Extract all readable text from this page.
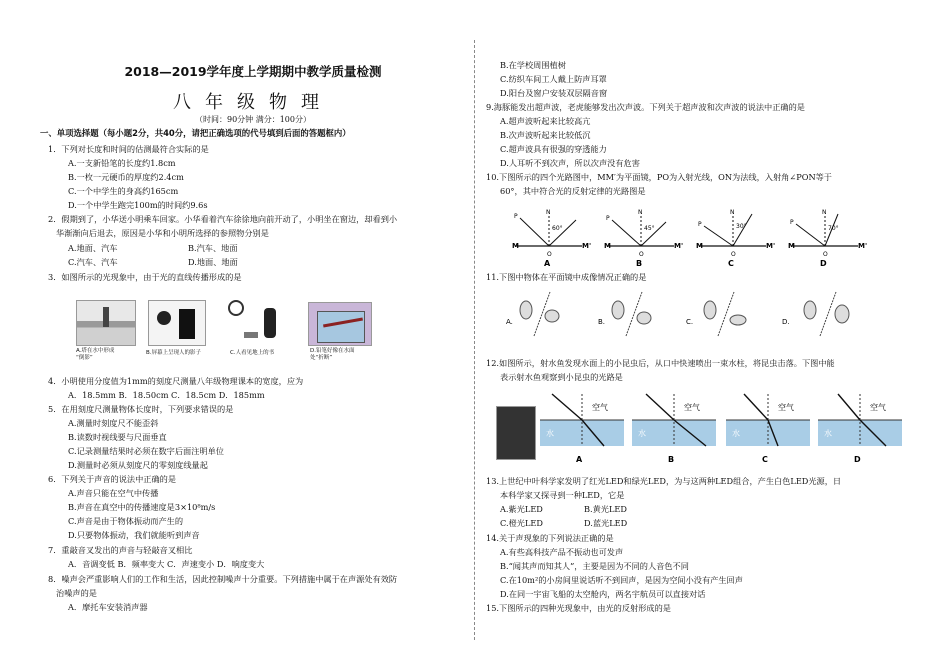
2018—2019学年度上学期期中教学质量检测
八年级物理
（时间：90分钟 满分：100分）
一、单项选择题（每小题2分，共40分，请把正确选项的代号填到后面的答题框内）
1．下列对长度和时间的估测最符合实际的是
A.一支新铅笔的长度约1.8cm
B.一枚一元硬币的厚度约2.4cm
C.一个中学生的身高约165cm
D.一个中学生跑完100m的时间约9.6s
2．假期到了，小华送小明乘车回家。小华看着汽车徐徐地向前开动了，小明坐在窗边，却看到小
华渐渐向后退去，原因是小华和小明所选择的参照物分别是
A.地面、汽车	B.汽车、地面
C.汽车、汽车	D.地面、地面
3．如图所示的光现象中，由于光的直线传播形成的是
A.塔在水中形成
“倒影”
B.屏幕上呈现人的影子	C.人看见地上的书	D.铅笔好像在水面
处“折断”
4．小明使用分度值为1mm的刻度尺测量八年级物理课本的宽度，应为
A．18.5mm B．18.50cm C．18.5cm D．185mm
5．在用刻度尺测量物体长度时，下列要求错误的是
A.测量时刻度尺不能歪斜
B.读数时视线要与尺面垂直
C.记录测量结果时必须在数字后面注明单位
D.测量时必须从刻度尺的零刻度线量起
6．下列关于声音的说法中正确的是
A.声音只能在空气中传播
B.声音在真空中的传播速度是3×10⁸m/s
C.声音是由于物体振动而产生的
D.只要物体振动，我们就能听到声音
7．重敲音叉发出的声音与轻敲音叉相比
A．音调变低 B．频率变大 C．声速变小 D．响度变大
8．噪声会严重影响人们的工作和生活，因此控制噪声十分重要。下列措施中属于在声源处有效防
治噪声的是
A．摩托车安装消声器
B.在学校周围植树
C.纺织车间工人戴上防声耳罩
D.阳台及窗户安装双层隔音窗
9.海豚能发出超声波，老虎能够发出次声波。下列关于超声波和次声波的说法中正确的是
A.超声波听起来比较高亢
B.次声波听起来比较低沉
C.超声波具有很强的穿透能力
D.人耳听不到次声，所以次声没有危害
10.下图所示的四个光路图中，MM′为平面镜，PO为入射光线，ON为法线，入射角∠PON等于
60°，其中符合光的反射定律的光路图是
M	M'
P
N
60°
O
A
M	M'
P
N
45°
O
B
M	M'
P
N
30°
O
C
M	M'
P
N
70°
O
D
11.下图中物体在平面镜中成像情况正确的是
A.	B.	C.	D.
12.如图所示，射水鱼发现水面上的小昆虫后，从口中快速喷出一束水柱，将昆虫击落。下图中能
表示射水鱼观察到小昆虫的光路是
空气
水
A
空气
水
B
空气
水
C
空气
水
D
13.上世纪中叶科学家发明了红光LED和绿光LED，为与这两种LED组合，产生白色LED光源，日
本科学家又探寻到一种LED，它是
A.紫光LED	B.黄光LED
C.橙光LED	D.蓝光LED
14.关于声现象的下列说法正确的是
A.有些高科技产品不振动也可发声
B.“闻其声而知其人”，主要是因为不同的人音色不同
C.在10m²的小房间里说话听不到回声，是因为空间小没有产生回声
D.在同一宇宙飞船的太空舱内，两名宇航员可以直接对话
15.下图所示的四种光现象中，由光的反射形成的是
